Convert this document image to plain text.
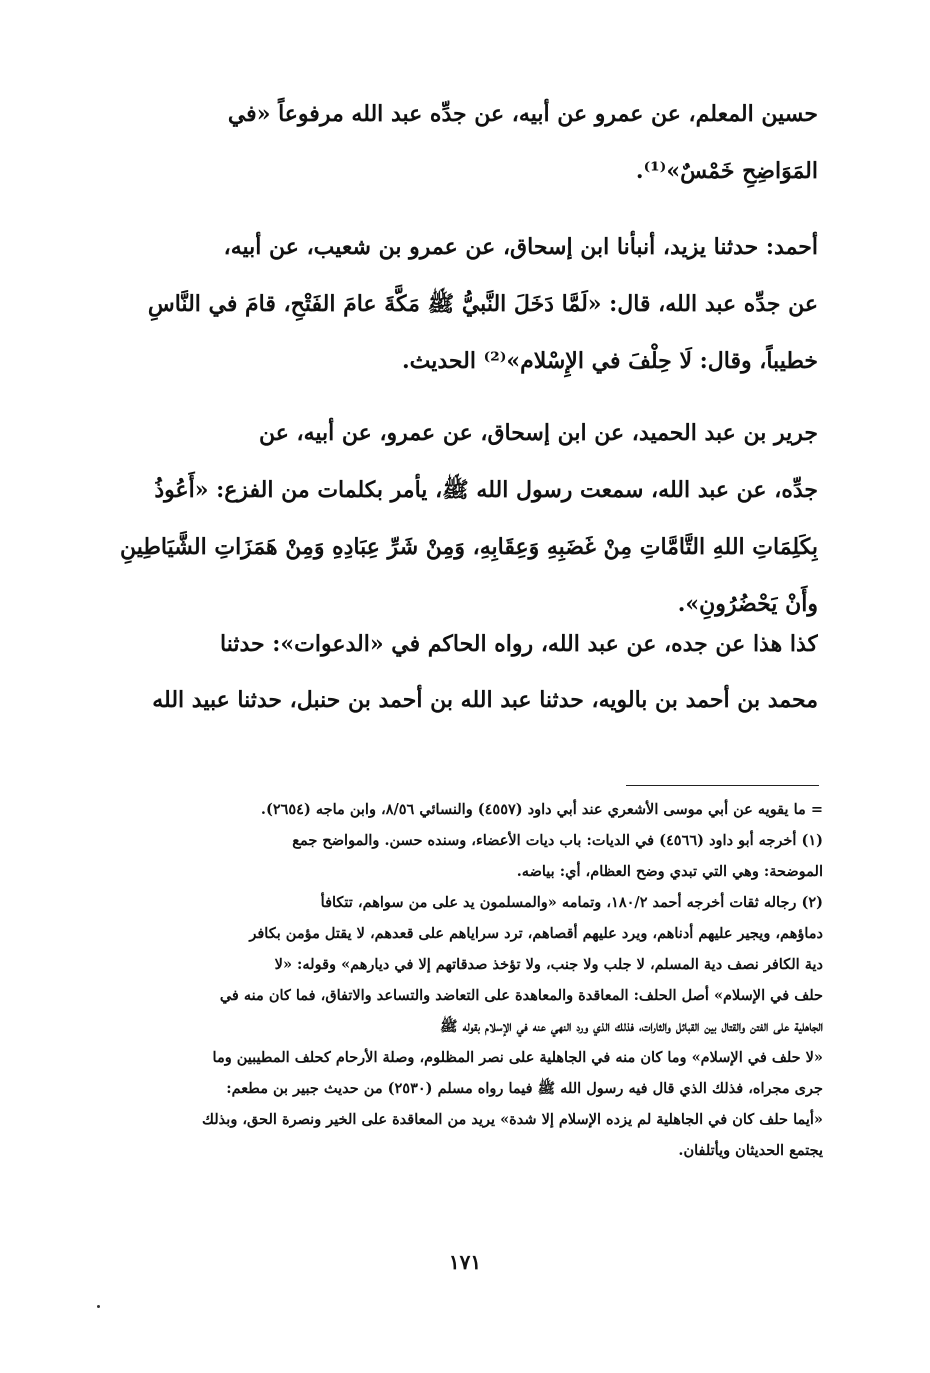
حسين المعلم، عن عمرو عن أبيه، عن جدِّه عبد الله مرفوعاً «في
المَوَاضِحِ خَمْسٌ»⁽¹⁾.
أحمد: حدثنا يزيد، أنبأنا ابن إسحاق، عن عمرو بن شعيب، عن أبيه،
عن جدِّه عبد الله، قال: «لَمَّا دَخَلَ النَّبيُّ ﷺ مَكَّةَ عامَ الفَتْحِ، قامَ في النَّاسِ
خطيباً، وقال: لَا حِلْفَ في الإِسْلام»⁽²⁾ الحديث.
جرير بن عبد الحميد، عن ابن إسحاق، عن عمرو، عن أبيه، عن
جدِّه، عن عبد الله، سمعت رسول الله ﷺ، يأمر بكلمات من الفزع: «أَعُوذُ
بِكَلِمَاتِ اللهِ التَّامَّاتِ مِنْ غَضَبِهِ وَعِقَابِهِ، وَمِنْ شَرِّ عِبَادِهِ وَمِنْ هَمَزَاتِ الشَّيَاطِينِ
وأَنْ يَحْضُرُونِ».
كذا هذا عن جده، عن عبد الله، رواه الحاكم في «الدعوات»: حدثنا
محمد بن أحمد بن بالويه، حدثنا عبد الله بن أحمد بن حنبل، حدثنا عبيد الله
= ما يقويه عن أبي موسى الأشعري عند أبي داود (٤٥٥٧) والنسائي ٨/٥٦، وابن ماجه (٢٦٥٤).
(١) أخرجه أبو داود (٤٥٦٦) في الديات: باب ديات الأعضاء، وسنده حسن. والمواضح جمع
الموضحة: وهي التي تبدي وضح العظام، أي: بياضه.
(٢) رجاله ثقات أخرجه أحمد ١٨٠/٢، وتمامه «والمسلمون يد على من سواهم، تتكافأ
دماؤهم، ويجير عليهم أدناهم، ويرد عليهم أقصاهم، ترد سراياهم على قعدهم، لا يقتل مؤمن بكافر
دية الكافر نصف دية المسلم، لا جلب ولا جنب، ولا تؤخذ صدقاتهم إلا في ديارهم» وقوله: «لا
حلف في الإسلام» أصل الحلف: المعاقدة والمعاهدة على التعاضد والتساعد والاتفاق، فما كان منه في
الجاهلية على الفتن والقتال بين القبائل والثارات، فذلك الذي ورد النهي عنه في الإسلام بقوله ﷺ
«لا حلف في الإسلام» وما كان منه في الجاهلية على نصر المظلوم، وصلة الأرحام كحلف المطيبين وما
جرى مجراه، فذلك الذي قال فيه رسول الله ﷺ فيما رواه مسلم (٢٥٣٠) من حديث جبير بن مطعم:
«أيما حلف كان في الجاهلية لم يزده الإسلام إلا شدة» يريد من المعاقدة على الخير ونصرة الحق، وبذلك
يجتمع الحديثان ويأتلفان.
١٧١
